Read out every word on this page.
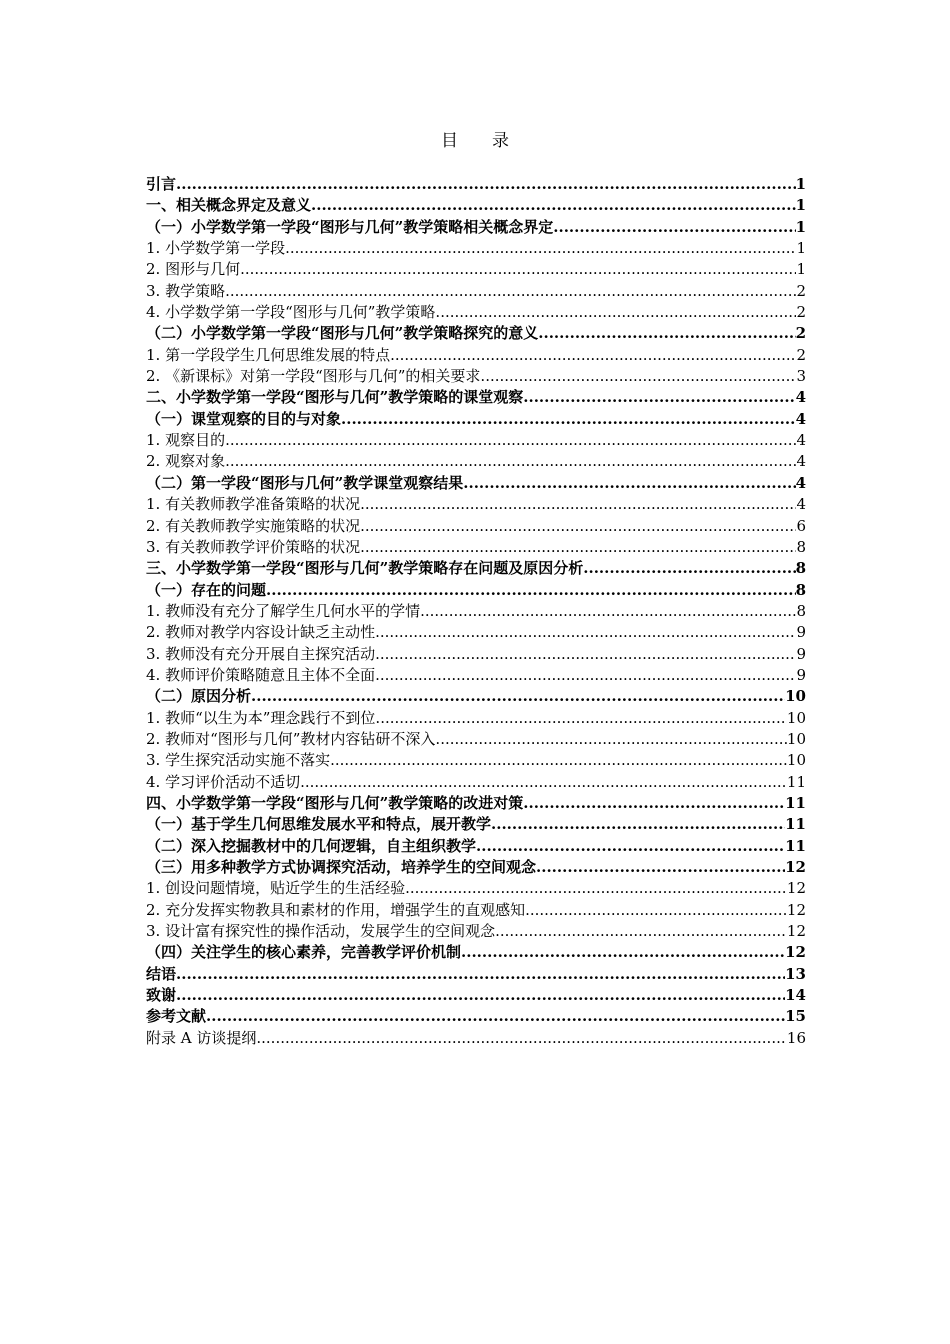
目录
引言 .....	1
一、相关概念界定及意义 .....	1
（一）小学数学第一学段“图形与几何”教学策略相关概念界定 .....	1
1. 小学数学第一学段 .....	1
2. 图形与几何 .....	1
3. 教学策略 .....	2
4. 小学数学第一学段“图形与几何”教学策略 .....	2
（二）小学数学第一学段“图形与几何”教学策略探究的意义 .....	2
1. 第一学段学生几何思维发展的特点 .....	2
2. 《新课标》对第一学段“图形与几何”的相关要求 .....	3
二、小学数学第一学段“图形与几何”教学策略的课堂观察 .....	4
（一）课堂观察的目的与对象 .....	4
1. 观察目的 .....	4
2. 观察对象 .....	4
（二）第一学段“图形与几何”教学课堂观察结果 .....	4
1. 有关教师教学准备策略的状况 .....	4
2. 有关教师教学实施策略的状况 .....	6
3. 有关教师教学评价策略的状况 .....	8
三、小学数学第一学段“图形与几何”教学策略存在问题及原因分析 .....	8
（一）存在的问题 .....	8
1. 教师没有充分了解学生几何水平的学情 .....	8
2. 教师对教学内容设计缺乏主动性 .....	9
3. 教师没有充分开展自主探究活动 .....	9
4. 教师评价策略随意且主体不全面 .....	9
（二）原因分析 .....	10
1. 教师“以生为本”理念践行不到位 .....	10
2. 教师对“图形与几何”教材内容钻研不深入 .....	10
3. 学生探究活动实施不落实 .....	10
4. 学习评价活动不适切 .....	11
四、小学数学第一学段“图形与几何”教学策略的改进对策 .....	11
（一）基于学生几何思维发展水平和特点，展开教学 .....	11
（二）深入挖掘教材中的几何逻辑，自主组织教学 .....	11
（三）用多种教学方式协调探究活动，培养学生的空间观念 .....	12
1. 创设问题情境，贴近学生的生活经验 .....	12
2. 充分发挥实物教具和素材的作用，增强学生的直观感知 .....	12
3. 设计富有探究性的操作活动，发展学生的空间观念 .....	12
（四）关注学生的核心素养，完善教学评价机制 .....	12
结语 .....	13
致谢 .....	14
参考文献 .....	15
附录 A 访谈提纲 .....	16
